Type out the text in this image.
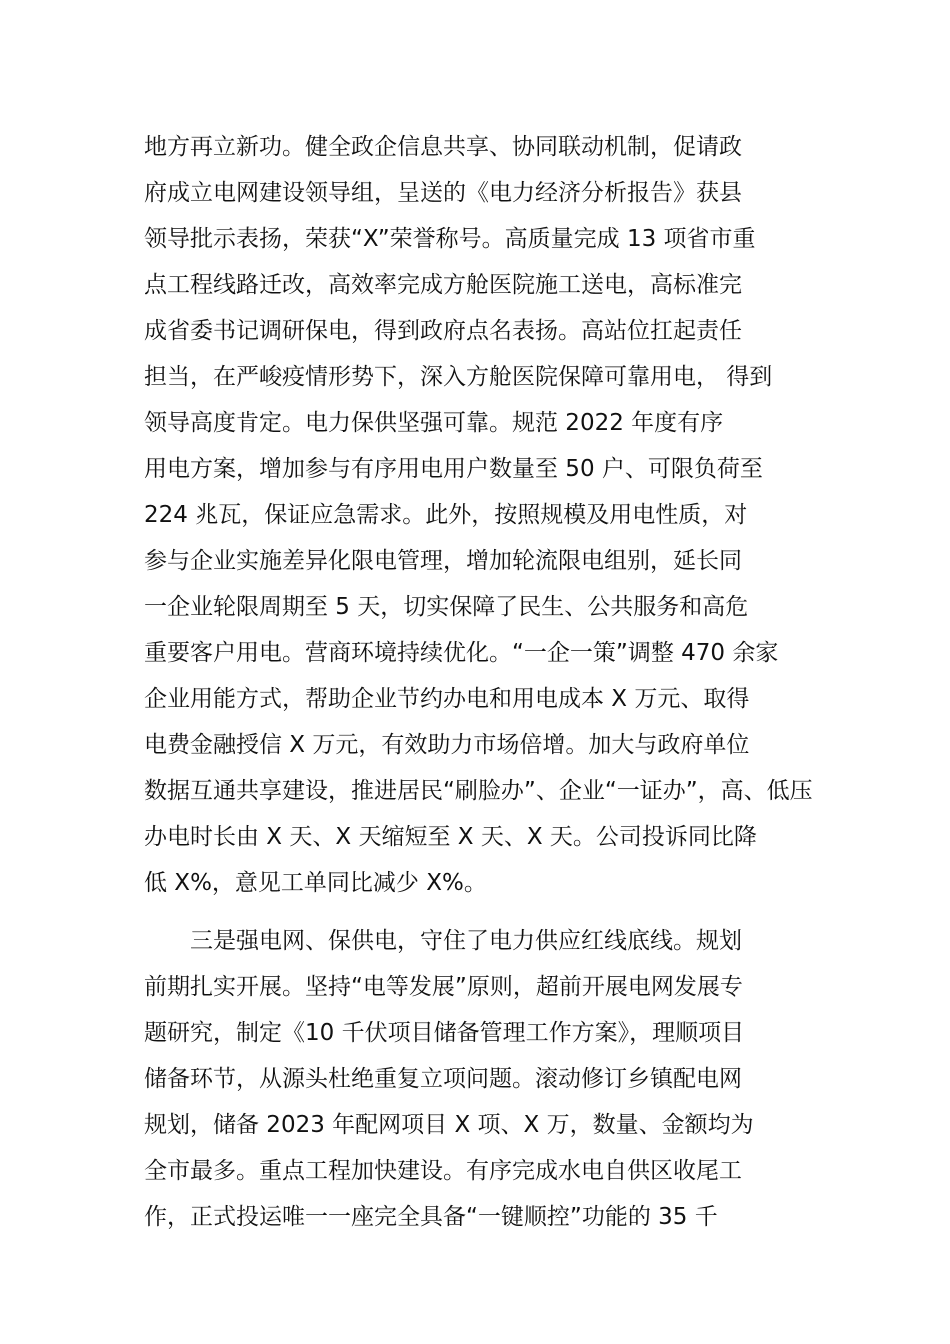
地方再立新功。健全政企信息共享、协同联动机制，促请政
府成立电网建设领导组，呈送的《电力经济分析报告》获县
领导批示表扬，荣获“X”荣誉称号。高质量完成 13 项省市重
点工程线路迁改，高效率完成方舱医院施工送电，高标准完
成省委书记调研保电，得到政府点名表扬。高站位扛起责任
担当，在严峻疫情形势下，深入方舱医院保障可靠用电， 得到
领导高度肯定。电力保供坚强可靠。规范 2022 年度有序
用电方案，增加参与有序用电用户数量至 50 户、可限负荷至
224 兆瓦，保证应急需求。此外，按照规模及用电性质，对
参与企业实施差异化限电管理，增加轮流限电组别，延长同
一企业轮限周期至 5 天，切实保障了民生、公共服务和高危
重要客户用电。营商环境持续优化。“一企一策”调整 470 余家
企业用能方式，帮助企业节约办电和用电成本 X 万元、取得
电费金融授信 X 万元，有效助力市场倍增。加大与政府单位
数据互通共享建设，推进居民“刷脸办”、企业“一证办”，高、低压
办电时长由 X 天、X 天缩短至 X 天、X 天。公司投诉同比降
低 X%，意见工单同比减少 X%。
　　三是强电网、保供电，守住了电力供应红线底线。规划
前期扎实开展。坚持“电等发展”原则，超前开展电网发展专
题研究，制定《10 千伏项目储备管理工作方案》，理顺项目
储备环节，从源头杜绝重复立项问题。滚动修订乡镇配电网
规划，储备 2023 年配网项目 X 项、X 万，数量、金额均为
全市最多。重点工程加快建设。有序完成水电自供区收尾工
作，正式投运唯一一座完全具备“一键顺控”功能的 35 千
